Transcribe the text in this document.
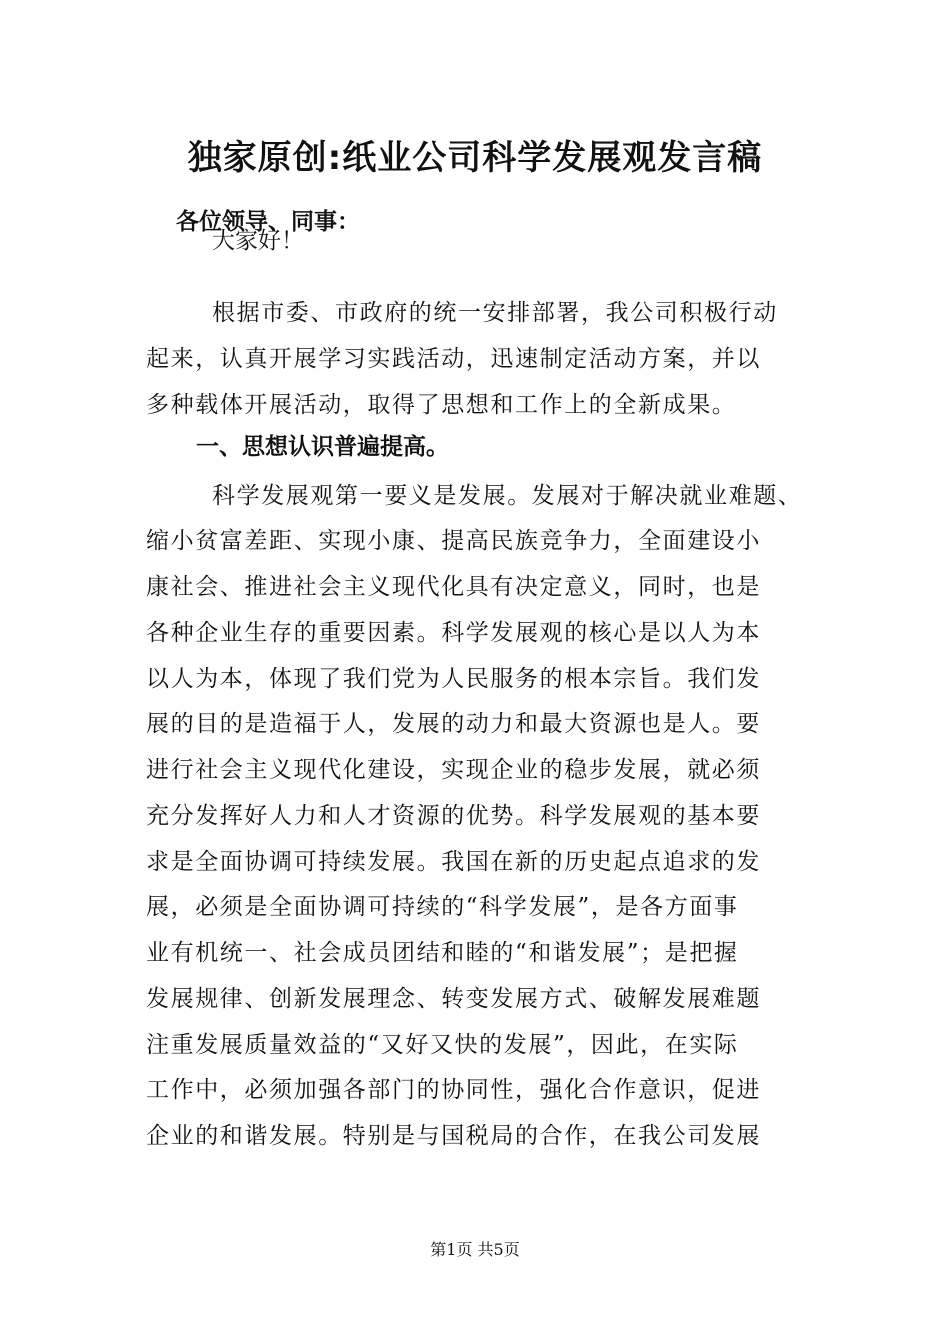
独家原创:纸业公司科学发展观发言稿
各位领导、同事：
大家好！
根据市委、市政府的统一安排部署，我公司积极行动
起来，认真开展学习实践活动，迅速制定活动方案，并以
多种载体开展活动，取得了思想和工作上的全新成果。
一、思想认识普遍提高。
科学发展观第一要义是发展。发展对于解决就业难题、
缩小贫富差距、实现小康、提高民族竞争力，全面建设小
康社会、推进社会主义现代化具有决定意义，同时，也是
各种企业生存的重要因素。科学发展观的核心是以人为本
以人为本，体现了我们党为人民服务的根本宗旨。我们发
展的目的是造福于人，发展的动力和最大资源也是人。要
进行社会主义现代化建设，实现企业的稳步发展，就必须
充分发挥好人力和人才资源的优势。科学发展观的基本要
求是全面协调可持续发展。我国在新的历史起点追求的发
展，必须是全面协调可持续的“科学发展”，是各方面事
业有机统一、社会成员团结和睦的“和谐发展”；是把握
发展规律、创新发展理念、转变发展方式、破解发展难题
注重发展质量效益的“又好又快的发展”，因此，在实际
工作中，必须加强各部门的协同性，强化合作意识，促进
企业的和谐发展。特别是与国税局的合作，在我公司发展
第1页 共5页
